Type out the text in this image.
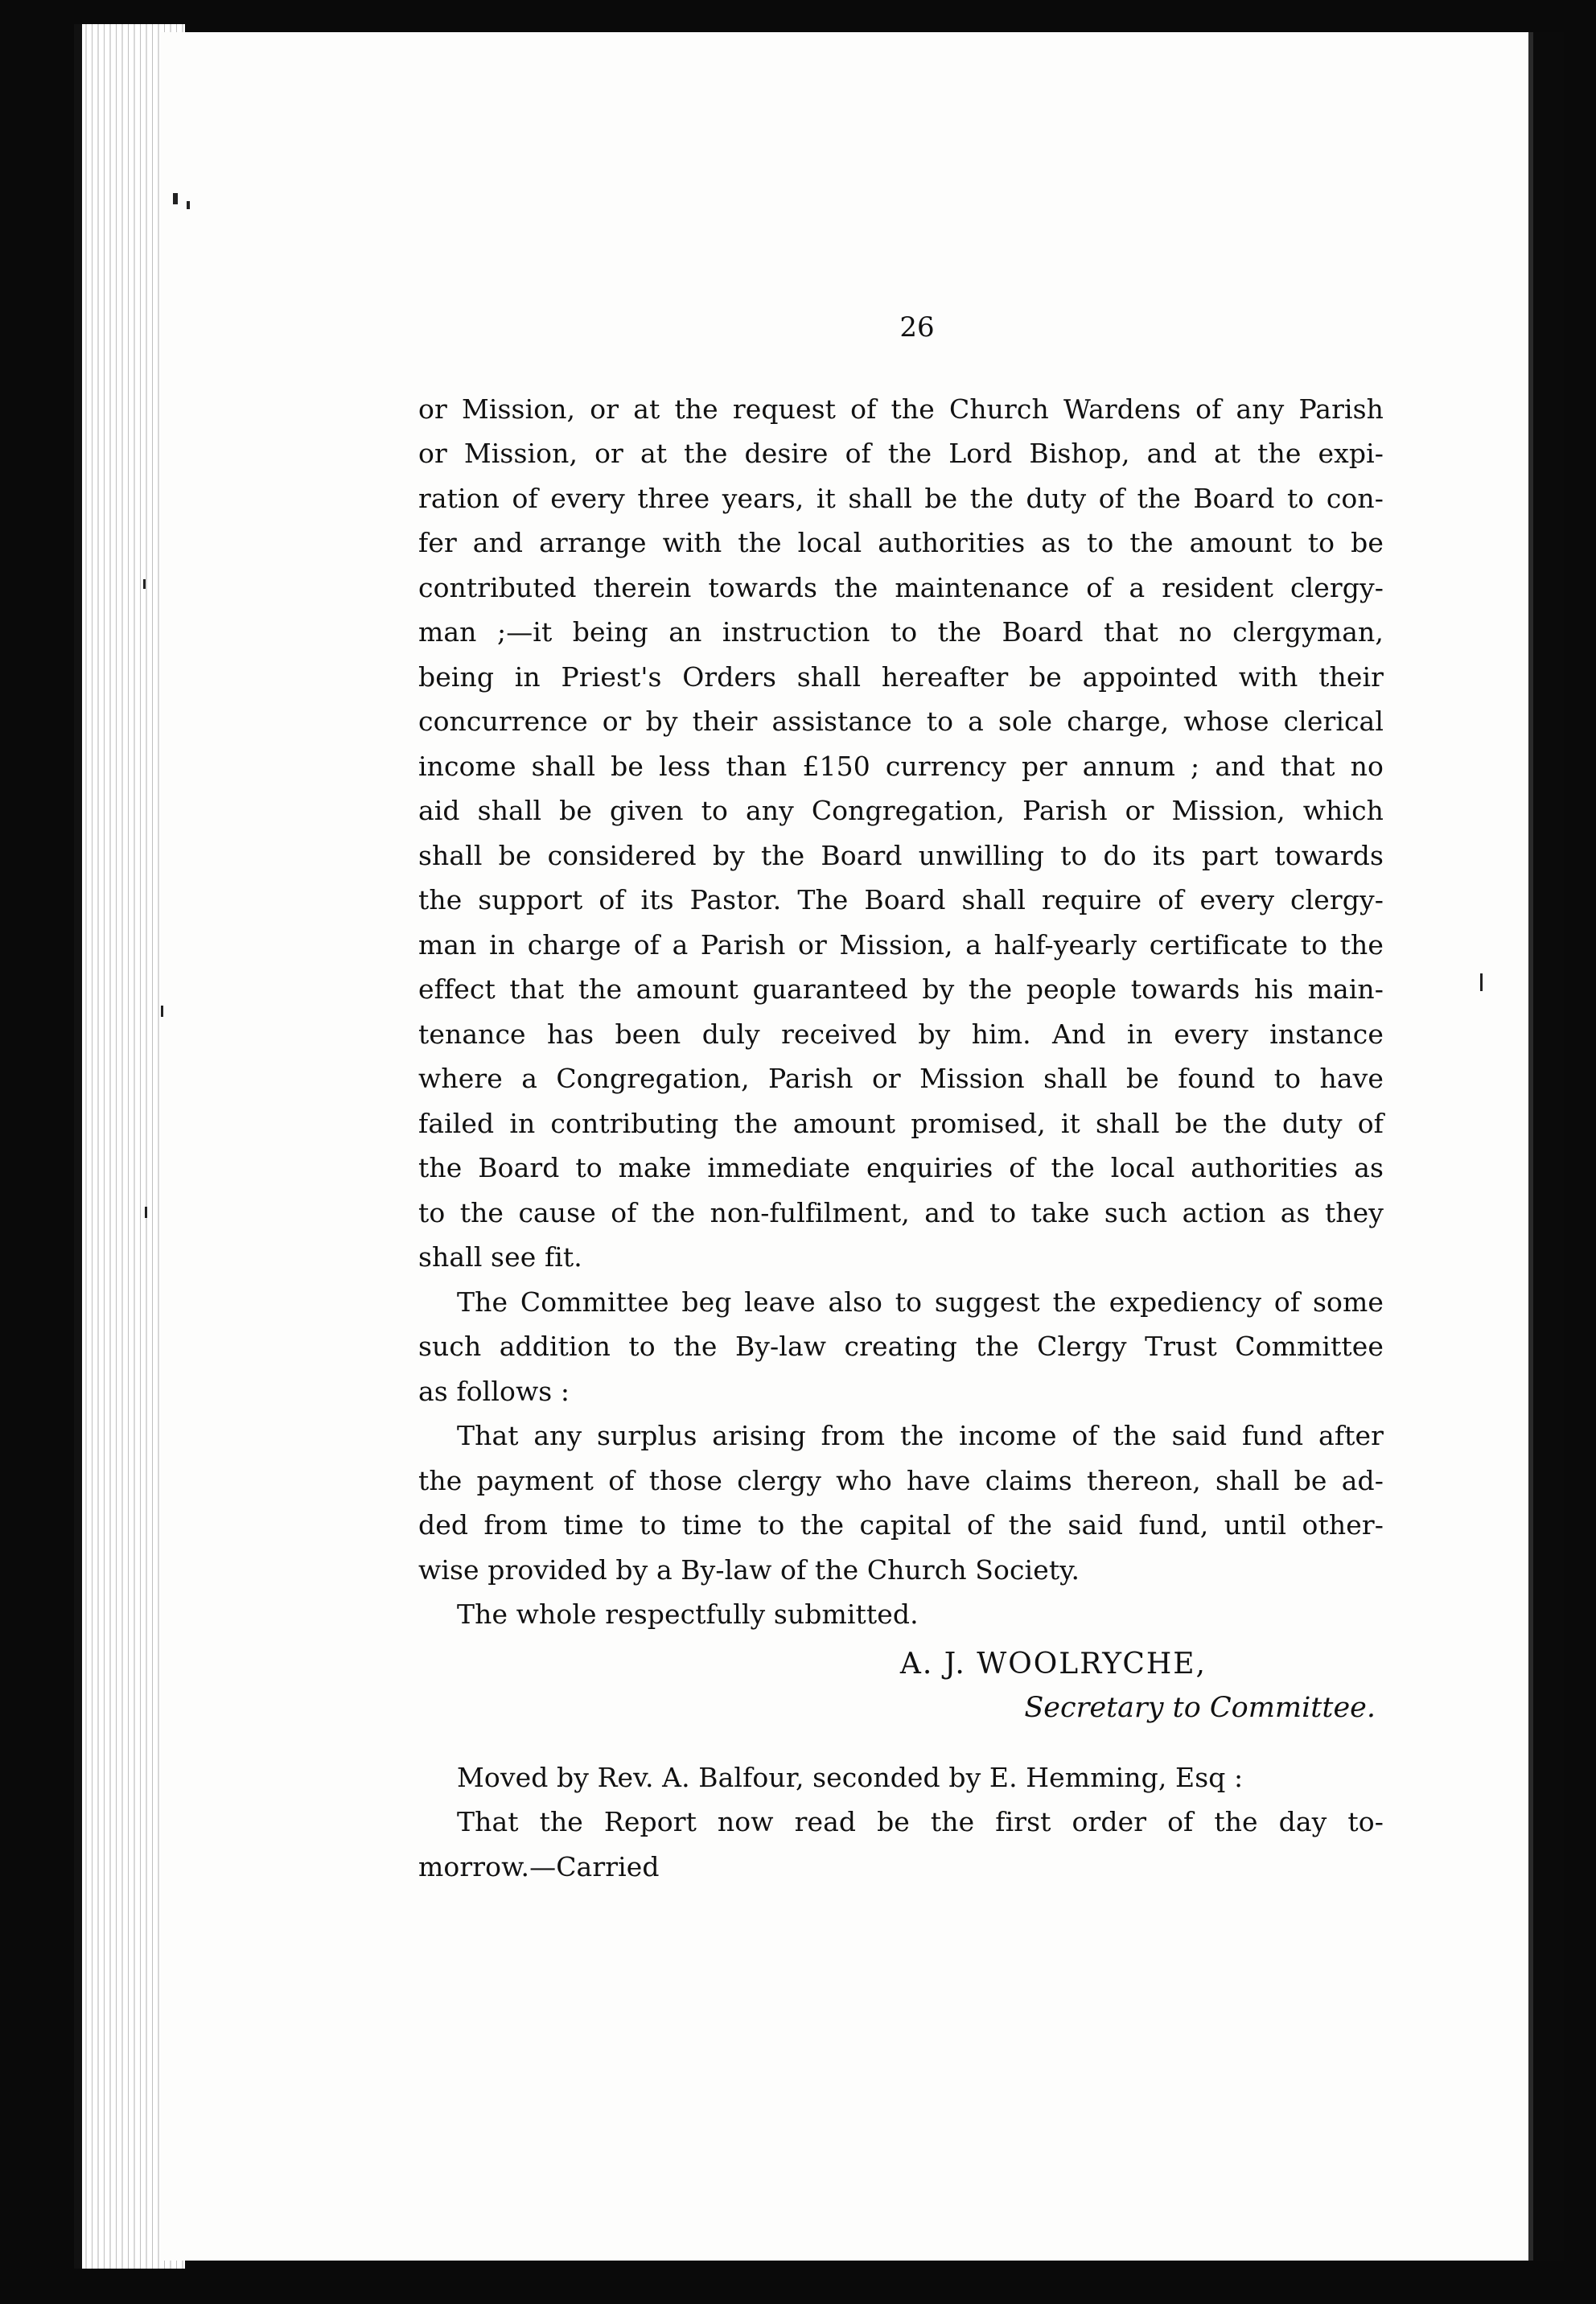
26
or Mission, or at the request of the Church Wardens of any Parish
or Mission, or at the desire of the Lord Bishop, and at the expi-
ration of every three years, it shall be the duty of the Board to con-
fer and arrange with the local authorities as to the amount to be
contributed therein towards the maintenance of a resident clergy-
man ;—it being an instruction to the Board that no clergyman,
being in Priest's Orders shall hereafter be appointed with their
concurrence or by their assistance to a sole charge, whose clerical
income shall be less than £150 currency per annum ; and that no
aid shall be given to any Congregation, Parish or Mission, which
shall be considered by the Board unwilling to do its part towards
the support of its Pastor. The Board shall require of every clergy-
man in charge of a Parish or Mission, a half-yearly certificate to the
effect that the amount guaranteed by the people towards his main-
tenance has been duly received by him. And in every instance
where a Congregation, Parish or Mission shall be found to have
failed in contributing the amount promised, it shall be the duty of
the Board to make immediate enquiries of the local authorities as
to the cause of the non-fulfilment, and to take such action as they
shall see fit.
The Committee beg leave also to suggest the expediency of some
such addition to the By-law creating the Clergy Trust Committee
as follows :
That any surplus arising from the income of the said fund after
the payment of those clergy who have claims thereon, shall be ad-
ded from time to time to the capital of the said fund, until other-
wise provided by a By-law of the Church Society.
The whole respectfully submitted.
A. J. WOOLRYCHE,
Secretary to Committee.
Moved by Rev. A. Balfour, seconded by E. Hemming, Esq :
That the Report now read be the first order of the day to-
morrow.—Carried
